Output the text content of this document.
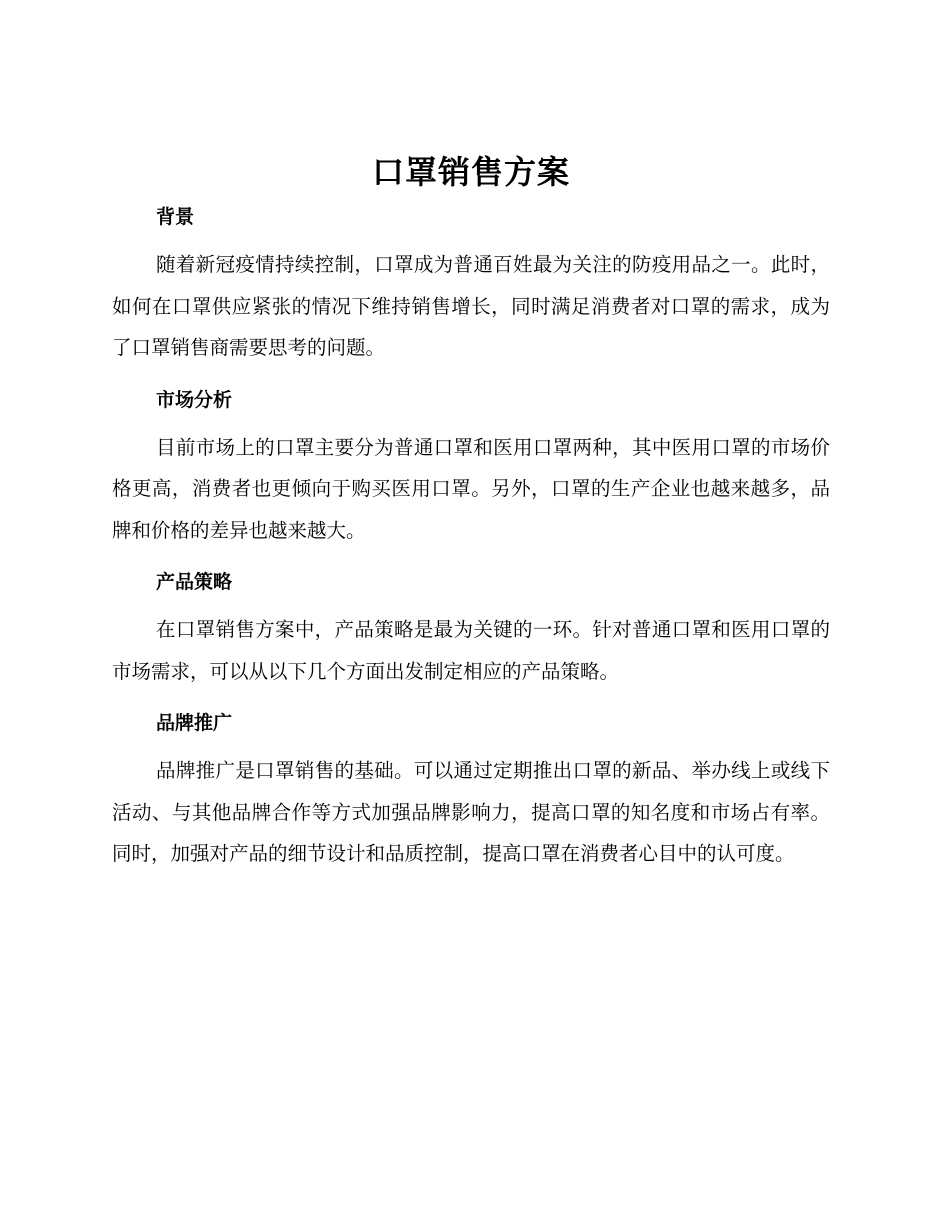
口罩销售方案
背景

随着新冠疫情持续控制，口罩成为普通百姓最为关注的防疫用品之一。此时，如何在口罩供应紧张的情况下维持销售增长，同时满足消费者对口罩的需求，成为了口罩销售商需要思考的问题。

市场分析

目前市场上的口罩主要分为普通口罩和医用口罩两种，其中医用口罩的市场价格更高，消费者也更倾向于购买医用口罩。另外，口罩的生产企业也越来越多，品牌和价格的差异也越来越大。

产品策略

在口罩销售方案中，产品策略是最为关键的一环。针对普通口罩和医用口罩的市场需求，可以从以下几个方面出发制定相应的产品策略。

品牌推广

品牌推广是口罩销售的基础。可以通过定期推出口罩的新品、举办线上或线下活动、与其他品牌合作等方式加强品牌影响力，提高口罩的知名度和市场占有率。同时，加强对产品的细节设计和品质控制，提高口罩在消费者心目中的认可度。
